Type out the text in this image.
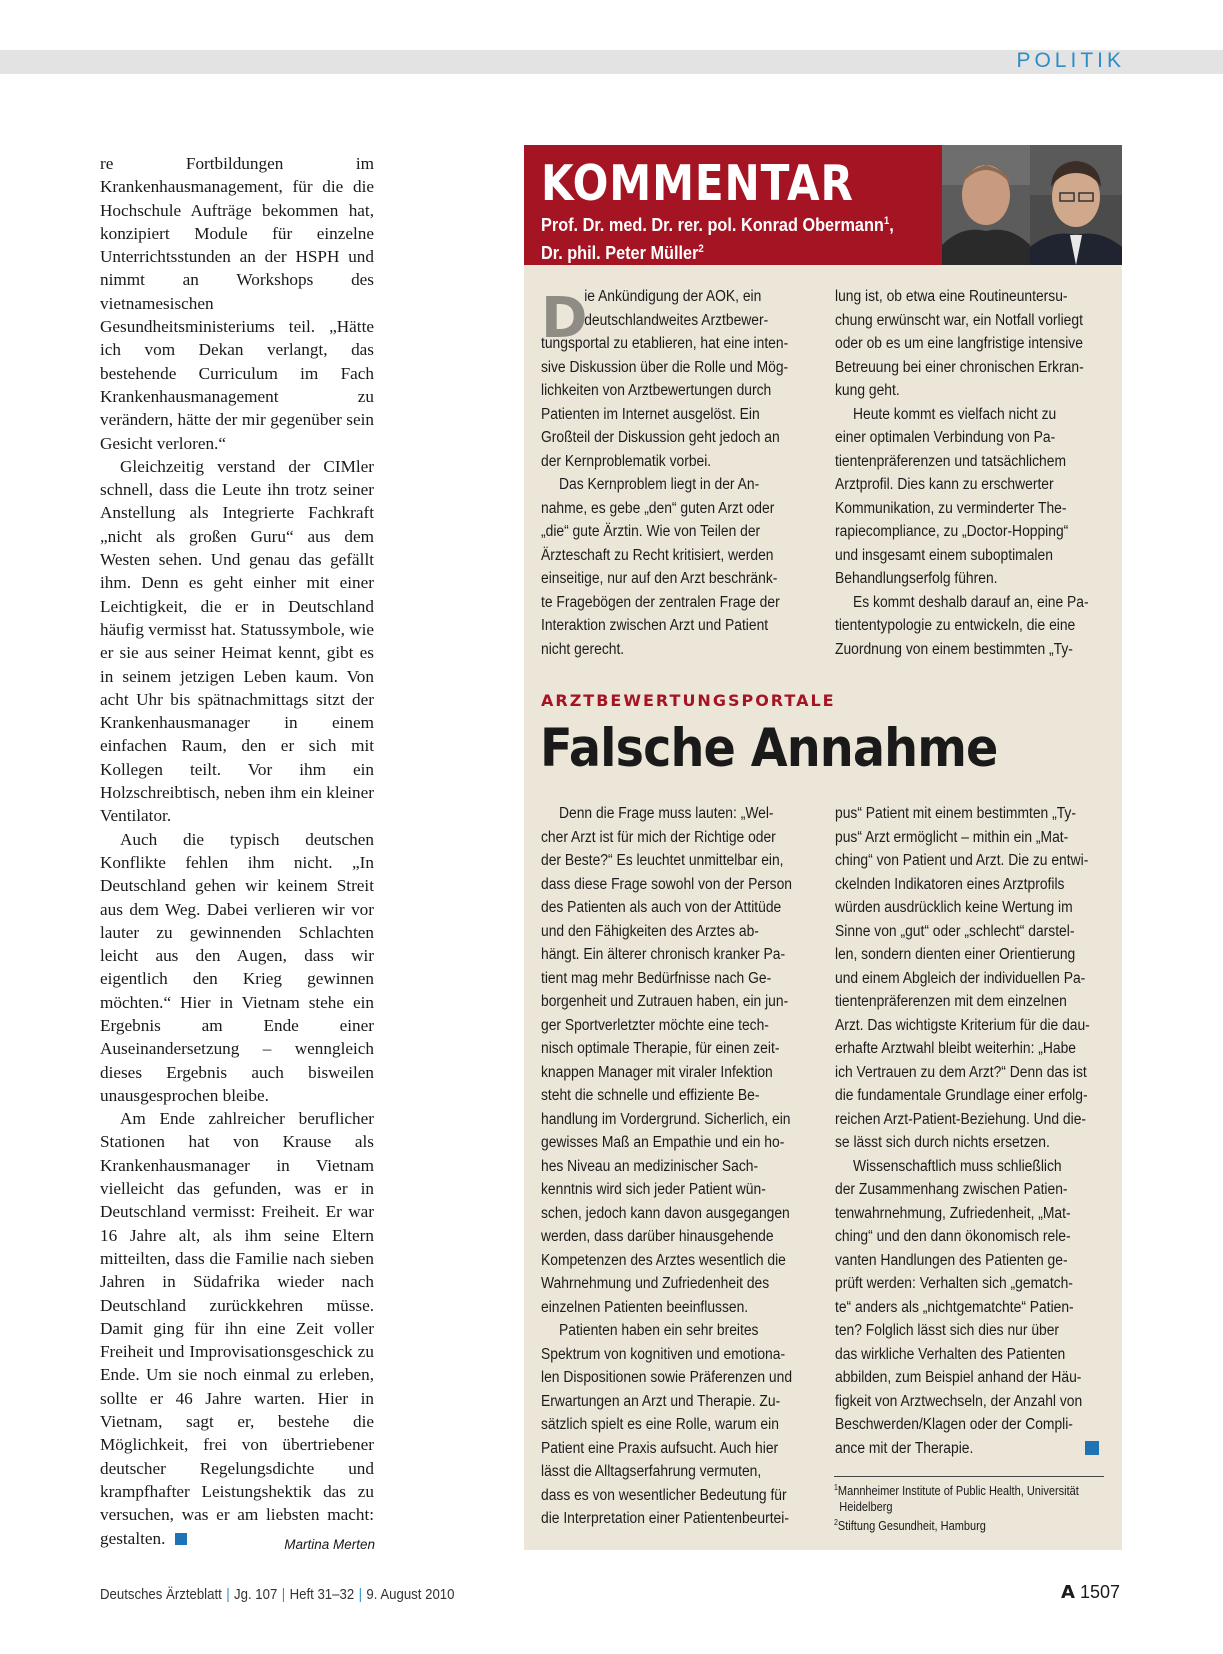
POLITIK

re Fortbildungen im Krankenhausmanagement, für die die Hochschule Aufträge bekommen hat, konzipiert Module für einzelne Unterrichtsstunden an der HSPH und nimmt an Workshops des vietnamesischen Gesundheitsministeriums teil. „Hätte ich vom Dekan verlangt, das bestehende Curriculum im Fach Krankenhausmanagement zu verändern, hätte der mir gegenüber sein Gesicht verloren.“

Gleichzeitig verstand der CIMler schnell, dass die Leute ihn trotz seiner Anstellung als Integrierte Fachkraft „nicht als großen Guru“ aus dem Westen sehen. Und genau das gefällt ihm. Denn es geht einher mit einer Leichtigkeit, die er in Deutschland häufig vermisst hat. Statussymbole, wie er sie aus seiner Heimat kennt, gibt es in seinem jetzigen Leben kaum. Von acht Uhr bis spätnachmittags sitzt der Krankenhausmanager in einem einfachen Raum, den er sich mit Kollegen teilt. Vor ihm ein Holzschreibtisch, neben ihm ein kleiner Ventilator.

Auch die typisch deutschen Konflikte fehlen ihm nicht. „In Deutschland gehen wir keinem Streit aus dem Weg. Dabei verlieren wir vor lauter zu gewinnenden Schlachten leicht aus den Augen, dass wir eigentlich den Krieg gewinnen möchten.“ Hier in Vietnam stehe ein Ergebnis am Ende einer Auseinandersetzung – wenngleich dieses Ergebnis auch bisweilen unausgesprochen bleibe.

Am Ende zahlreicher beruflicher Stationen hat von Krause als Krankenhausmanager in Vietnam vielleicht das gefunden, was er in Deutschland vermisst: Freiheit. Er war 16 Jahre alt, als ihm seine Eltern mitteilten, dass die Familie nach sieben Jahren in Südafrika wieder nach Deutschland zurückkehren müsse. Damit ging für ihn eine Zeit voller Freiheit und Improvisationsgeschick zu Ende. Um sie noch einmal zu erleben, sollte er 46 Jahre warten. Hier in Vietnam, sagt er, bestehe die Möglichkeit, frei von übertriebener deutscher Regelungsdichte und krampfhafter Leistungshektik das zu versuchen, was er am liebsten macht: gestalten.	Martina Merten
KOMMENTAR
Prof. Dr. med. Dr. rer. pol. Konrad Obermann$^1$,
Dr. phil. Peter Müller$^2$
D

ie Ankündigung der AOK, ein

deutschlandweites Arztbewer-

tungsportal zu etablieren, hat eine inten-

sive Diskussion über die Rolle und Mög-

lichkeiten von Arztbewertungen durch

Patienten im Internet ausgelöst. Ein

Großteil der Diskussion geht jedoch an

der Kernproblematik vorbei.

Das Kernproblem liegt in der An-

nahme, es gebe „den“ guten Arzt oder

„die“ gute Ärztin. Wie von Teilen der

Ärzteschaft zu Recht kritisiert, werden

einseitige, nur auf den Arzt beschränk-

te Fragebögen der zentralen Frage der

Interaktion zwischen Arzt und Patient

nicht gerecht.

lung ist, ob etwa eine Routineuntersu-

chung erwünscht war, ein Notfall vorliegt

oder ob es um eine langfristige intensive

Betreuung bei einer chronischen Erkran-

kung geht.

Heute kommt es vielfach nicht zu

einer optimalen Verbindung von Pa-

tientenpräferenzen und tatsächlichem

Arztprofil. Dies kann zu erschwerter

Kommunikation, zu verminderter The-

rapiecompliance, zu „Doctor-Hopping“

und insgesamt einem suboptimalen

Behandlungserfolg führen.

Es kommt deshalb darauf an, eine Pa-

tiententypologie zu entwickeln, die eine

Zuordnung von einem bestimmten „Ty-

ARZTBEWERTUNGSPORTALE
Falsche Annahme

Denn die Frage muss lauten: „Wel-

cher Arzt ist für mich der Richtige oder

der Beste?“ Es leuchtet unmittelbar ein,

dass diese Frage sowohl von der Person

des Patienten als auch von der Attitüde

und den Fähigkeiten des Arztes ab-

hängt. Ein älterer chronisch kranker Pa-

tient mag mehr Bedürfnisse nach Ge-

borgenheit und Zutrauen haben, ein jun-

ger Sportverletzter möchte eine tech-

nisch optimale Therapie, für einen zeit-

knappen Manager mit viraler Infektion

steht die schnelle und effiziente Be-

handlung im Vordergrund. Sicherlich, ein

gewisses Maß an Empathie und ein ho-

hes Niveau an medizinischer Sach-

kenntnis wird sich jeder Patient wün-

schen, jedoch kann davon ausgegangen

werden, dass darüber hinausgehende

Kompetenzen des Arztes wesentlich die

Wahrnehmung und Zufriedenheit des

einzelnen Patienten beeinflussen.

Patienten haben ein sehr breites

Spektrum von kognitiven und emotiona-

len Dispositionen sowie Präferenzen und

Erwartungen an Arzt und Therapie. Zu-

sätzlich spielt es eine Rolle, warum ein

Patient eine Praxis aufsucht. Auch hier

lässt die Alltagserfahrung vermuten,

dass es von wesentlicher Bedeutung für

die Interpretation einer Patientenbeurtei-

pus“ Patient mit einem bestimmten „Ty-

pus“ Arzt ermöglicht – mithin ein „Mat-

ching“ von Patient und Arzt. Die zu entwi-

ckelnden Indikatoren eines Arztprofils

würden ausdrücklich keine Wertung im

Sinne von „gut“ oder „schlecht“ darstel-

len, sondern dienten einer Orientierung

und einem Abgleich der individuellen Pa-

tientenpräferenzen mit dem einzelnen

Arzt. Das wichtigste Kriterium für die dau-

erhafte Arztwahl bleibt weiterhin: „Habe

ich Vertrauen zu dem Arzt?“ Denn das ist

die fundamentale Grundlage einer erfolg-

reichen Arzt-Patient-Beziehung. Und die-

se lässt sich durch nichts ersetzen.

Wissenschaftlich muss schließlich

der Zusammenhang zwischen Patien-

tenwahrnehmung, Zufriedenheit, „Mat-

ching“ und den dann ökonomisch rele-

vanten Handlungen des Patienten ge-

prüft werden: Verhalten sich „gematch-

te“ anders als „nichtgematchte“ Patien-

ten? Folglich lässt sich dies nur über

das wirkliche Verhalten des Patienten

abbilden, zum Beispiel anhand der Häu-

figkeit von Arztwechseln, der Anzahl von

Beschwerden/Klagen oder der Compli-

ance mit der Therapie.

$^1$Mannheimer Institute of Public Health, Universität
Heidelberg
$^2$Stiftung Gesundheit, Hamburg
Deutsches Ärzteblatt | Jg. 107 | Heft 31–32 | 9. August 2010	A 1507
